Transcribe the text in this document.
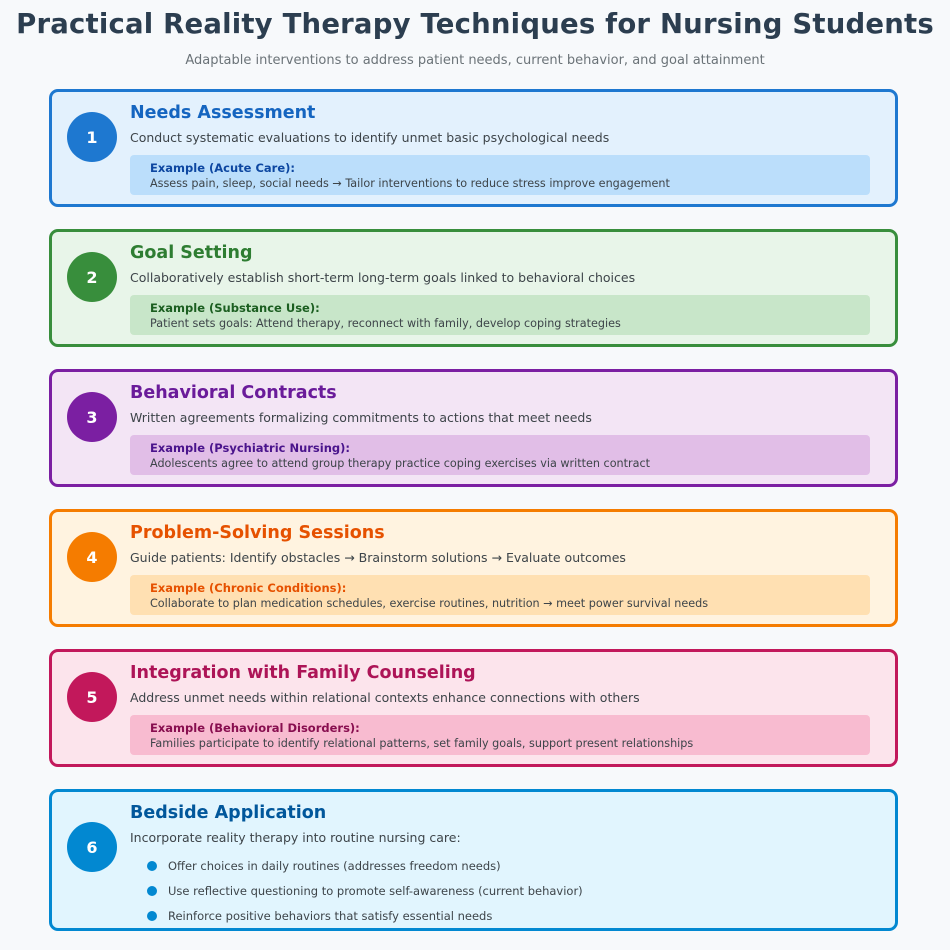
Practical Reality Therapy Techniques for Nursing Students
Adaptable interventions to address patient needs, current behavior, and goal attainment
1
Needs Assessment
Conduct systematic evaluations to identify unmet basic psychological needs
Example (Acute Care):
Assess pain, sleep, social needs → Tailor interventions to reduce stress improve engagement
2
Goal Setting
Collaboratively establish short-term long-term goals linked to behavioral choices
Example (Substance Use):
Patient sets goals: Attend therapy, reconnect with family, develop coping strategies
3
Behavioral Contracts
Written agreements formalizing commitments to actions that meet needs
Example (Psychiatric Nursing):
Adolescents agree to attend group therapy practice coping exercises via written contract
4
Problem-Solving Sessions
Guide patients: Identify obstacles → Brainstorm solutions → Evaluate outcomes
Example (Chronic Conditions):
Collaborate to plan medication schedules, exercise routines, nutrition → meet power survival needs
5
Integration with Family Counseling
Address unmet needs within relational contexts enhance connections with others
Example (Behavioral Disorders):
Families participate to identify relational patterns, set family goals, support present relationships
6
Bedside Application
Incorporate reality therapy into routine nursing care:
Offer choices in daily routines (addresses freedom needs)
Use reflective questioning to promote self-awareness (current behavior)
Reinforce positive behaviors that satisfy essential needs
